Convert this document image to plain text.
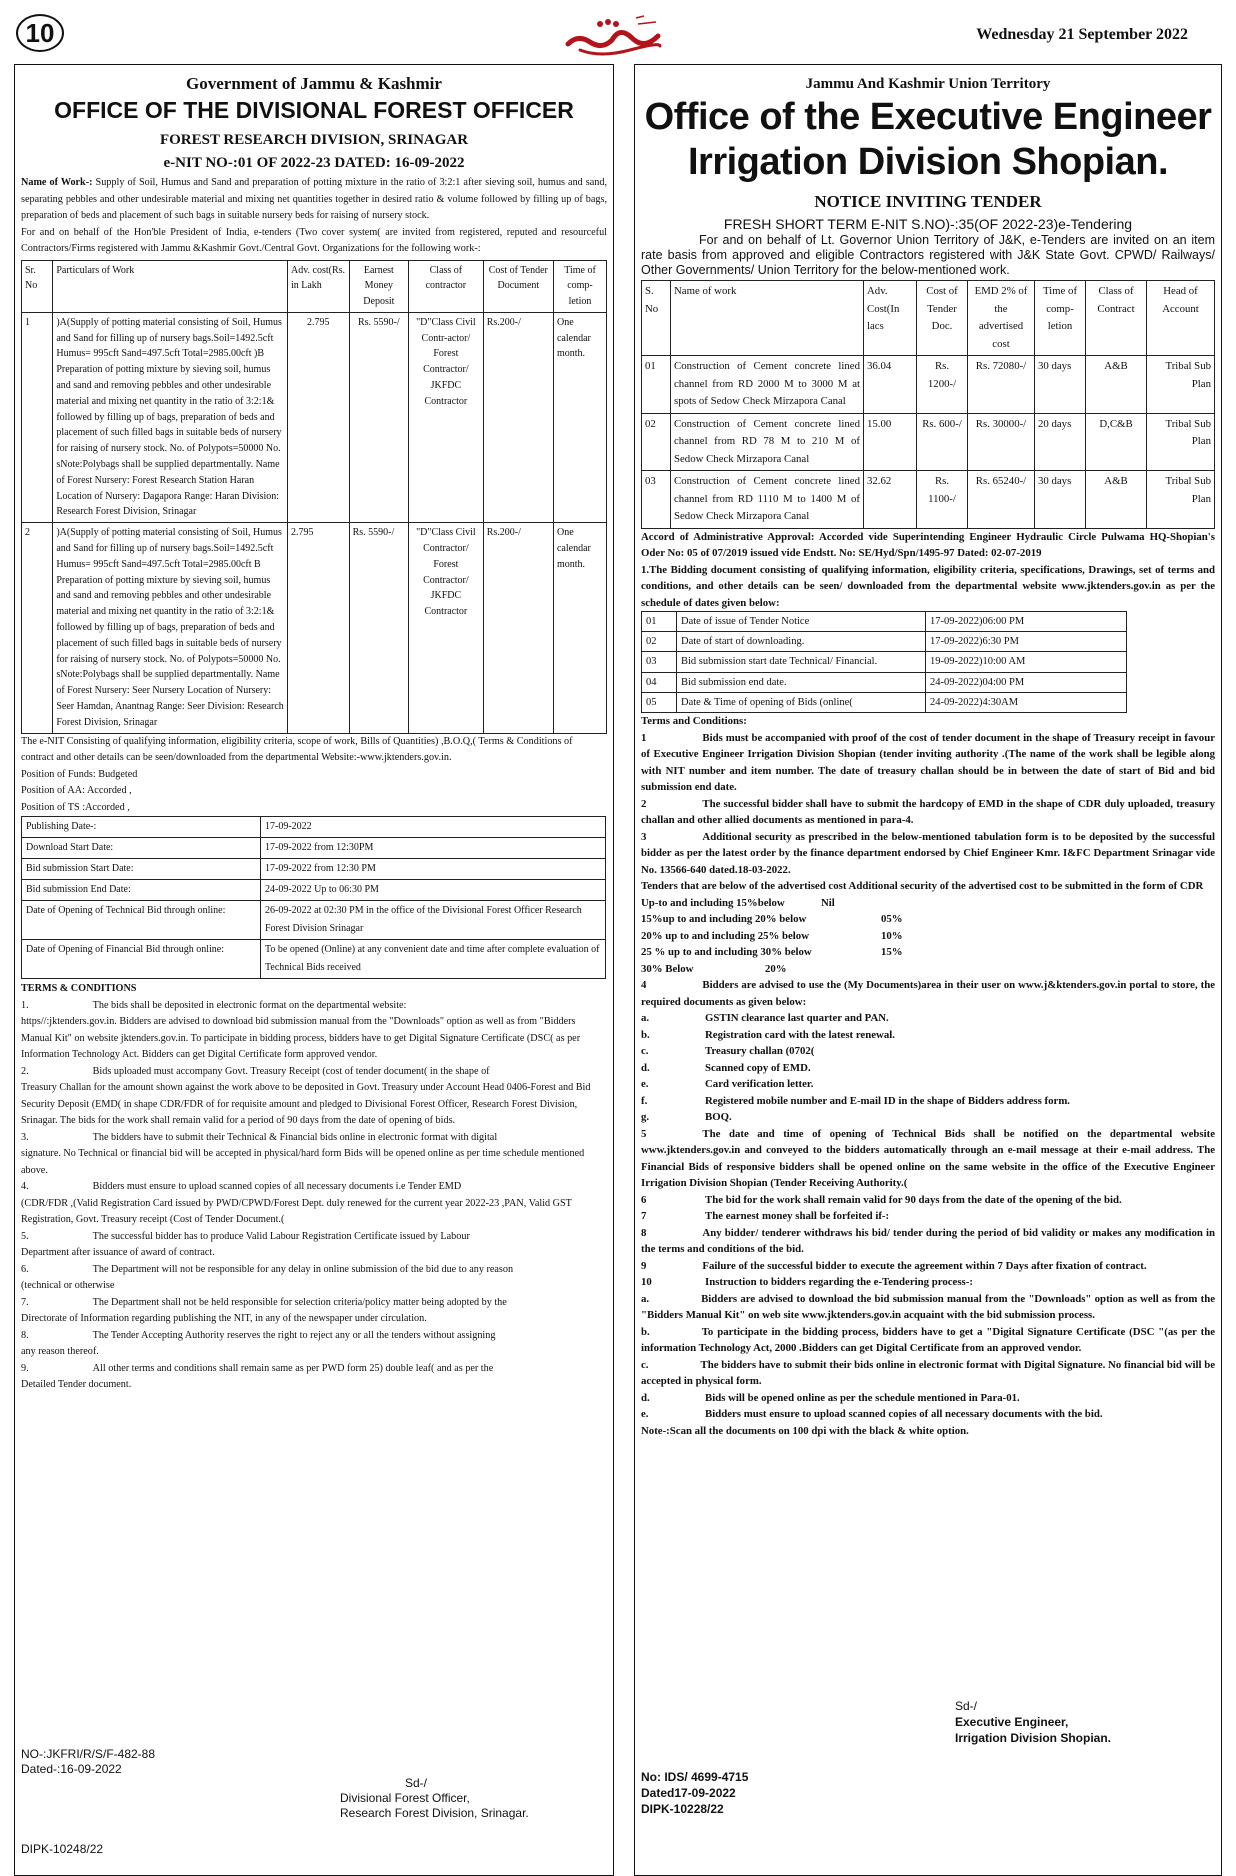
10	Wednesday 21 September 2022
Government of Jammu & Kashmir
OFFICE OF THE DIVISIONAL FOREST OFFICER
FOREST RESEARCH DIVISION, SRINAGAR
e-NIT NO-:01 OF 2022-23 DATED: 16-09-2022
Name of Work-: Supply of Soil, Humus and Sand and preparation of potting mixture in the ratio of 3:2:1 after sieving soil, humus and sand, separating pebbles and other undesirable material and mixing net quantities together in desired ratio & volume followed by filling up of bags, preparation of beds and placement of such bags in suitable nursery beds for raising of nursery stock.
For and on behalf of the Hon'ble President of India, e-tenders (Two cover system( are invited from registered, reputed and resourceful Contractors/Firms registered with Jammu &Kashmir Govt./Central Govt. Organizations for the following work-:
Sr. No	Particulars of Work	Adv. cost(Rs. in Lakh	Earnest Money Deposit	Class of contractor	Cost of Tender Document	Time of comp-letion
1	)A(Supply of potting material consisting of Soil, Humus and Sand for filling up of nursery bags.Soil=1492.5cft Humus= 995cft Sand=497.5cft Total=2985.00cft )B Preparation of potting mixture by sieving soil, humus and sand and removing pebbles and other undesirable material and mixing net quantity in the ratio of 3:2:1& followed by filling up of bags, preparation of beds and placement of such filled bags in suitable beds of nursery for raising of nursery stock. No. of Polypots=50000 No. sNote:Polybags shall be supplied departmentally. Name of Forest Nursery: Forest Research Station Haran Location of Nursery: Dagapora Range: Haran Division: Research Forest Division, Srinagar	2.795	Rs. 5590-/	"D"Class Civil Contr-actor/ Forest Contractor/ JKFDC Contractor	Rs.200-/	One calendar month.
2	)A(Supply of potting material consisting of Soil, Humus and Sand for filling up of nursery bags.Soil=1492.5cft Humus= 995cft Sand=497.5cft Total=2985.00cft B Preparation of potting mixture by sieving soil, humus and sand and removing pebbles and other undesirable material and mixing net quantity in the ratio of 3:2:1& followed by filling up of bags, preparation of beds and placement of such filled bags in suitable beds of nursery for raising of nursery stock. No. of Polypots=50000 No. sNote:Polybags shall be supplied departmentally. Name of Forest Nursery: Seer Nursery Location of Nursery: Seer Hamdan, Anantnag Range: Seer Division: Research Forest Division, Srinagar	2.795	Rs. 5590-/	"D"Class Civil Contractor/ Forest Contractor/ JKFDC Contractor	Rs.200-/	One calendar month.
The e-NIT Consisting of qualifying information, eligibility criteria, scope of work, Bills of Quantities) ,B.O.Q,( Terms & Conditions of contract and other details can be seen/downloaded from the departmental Website:-www.jktenders.gov.in.
Position of Funds: Budgeted
Position of AA: Accorded ,
Position of TS :Accorded ,
Publishing Date-:	17-09-2022
Download Start Date:	17-09-2022 from 12:30PM
Bid submission Start Date:	17-09-2022 from 12:30 PM
Bid submission End Date:	24-09-2022 Up to 06:30 PM
Date of Opening of Technical Bid through online:	26-09-2022 at 02:30 PM in the office of the Divisional Forest Officer Research Forest Division Srinagar
Date of Opening of Financial Bid through online:	To be opened (Online) at any convenient date and time after complete evaluation of Technical Bids received
TERMS & CONDITIONS
1.	The bids shall be deposited in electronic format on the departmental website:
https//:jktenders.gov.in. Bidders are advised to download bid submission manual from the "Downloads" option as well as from "Bidders Manual Kit" on website jktenders.gov.in. To participate in bidding process, bidders have to get Digital Signature Certificate (DSC( as per Information Technology Act. Bidders can get Digital Certificate form approved vendor.
2.	Bids uploaded must accompany Govt. Treasury Receipt (cost of tender document( in the shape of
Treasury Challan for the amount shown against the work above to be deposited in Govt. Treasury under Account Head 0406-Forest and Bid Security Deposit (EMD( in shape CDR/FDR of for requisite amount and pledged to Divisional Forest Officer, Research Forest Division, Srinagar. The bids for the work shall remain valid for a period of 90 days from the date of opening of bids.
3.	The bidders have to submit their Technical & Financial bids online in electronic format with digital
signature. No Technical or financial bid will be accepted in physical/hard form Bids will be opened online as per time schedule mentioned above.
4.	Bidders must ensure to upload scanned copies of all necessary documents i.e Tender EMD
(CDR/FDR ,(Valid Registration Card issued by PWD/CPWD/Forest Dept. duly renewed for the current year 2022-23 ,PAN, Valid GST Registration, Govt. Treasury receipt (Cost of Tender Document.(
5.	The successful bidder has to produce Valid Labour Registration Certificate issued by Labour
Department after issuance of award of contract.
6.	The Department will not be responsible for any delay in online submission of the bid due to any reason
(technical or otherwise
7.	The Department shall not be held responsible for selection criteria/policy matter being adopted by the
Directorate of Information regarding publishing the NIT, in any of the newspaper under circulation.
8.	The Tender Accepting Authority reserves the right to reject any or all the tenders without assigning
any reason thereof.
9.	All other terms and conditions shall remain same as per PWD form 25) double leaf( and as per the
Detailed Tender document.
NO-:JKFRI/R/S/F-482-88
Dated-:16-09-2022
Sd-/
Divisional Forest Officer,
Research Forest Division, Srinagar.
DIPK-10248/22
Jammu And Kashmir Union Territory
Office of the Executive Engineer
Irrigation Division Shopian.
NOTICE INVITING TENDER
FRESH SHORT TERM E-NIT S.NO)-:35(OF 2022-23)e-Tendering
For and on behalf of Lt. Governor Union Territory of J&K, e-Tenders are invited on an item rate basis from approved and eligible Contractors registered with J&K State Govt. CPWD/ Railways/ Other Governments/ Union Territory for the below-mentioned work.
S. No	Name of work	Adv. Cost(In lacs	Cost of Tender Doc.	EMD 2% of the advertised cost	Time of comp-letion	Class of Contract	Head of Account
01	Construction of Cement concrete lined channel from RD 2000 M to 3000 M at spots of Sedow Check Mirzapora Canal	36.04	Rs. 1200-/	Rs. 72080-/	30 days	A&B	Tribal Sub Plan
02	Construction of Cement concrete lined channel from RD 78 M to 210 M of Sedow Check Mirzapora Canal	15.00	Rs. 600-/	Rs. 30000-/	20 days	D,C&B	Tribal Sub Plan
03	Construction of Cement concrete lined channel from RD 1110 M to 1400 M of Sedow Check Mirzapora Canal	32.62	Rs. 1100-/	Rs. 65240-/	30 days	A&B	Tribal Sub Plan
Accord of Administrative Approval: Accorded vide Superintending Engineer Hydraulic Circle Pulwama HQ-Shopian's Oder No: 05 of 07/2019 issued vide Endstt. No: SE/Hyd/Spn/1495-97 Dated: 02-07-2019
1.The Bidding document consisting of qualifying information, eligibility criteria, specifications, Drawings, set of terms and conditions, and other details can be seen/ downloaded from the departmental website www.jktenders.gov.in as per the schedule of dates given below:
01	Date of issue of Tender Notice	17-09-2022)06:00 PM
02	Date of start of downloading.	17-09-2022)6:30 PM
03	Bid submission start date Technical/ Financial.	19-09-2022)10:00 AM
04	Bid submission end date.	24-09-2022)04:00 PM
05	Date & Time of opening of Bids (online(	24-09-2022)4:30AM
Terms and Conditions:
1	Bids must be accompanied with proof of the cost of tender document in the shape of Treasury receipt in favour of Executive Engineer Irrigation Division Shopian (tender inviting authority .(The name of the work shall be legible along with NIT number and item number. The date of treasury challan should be in between the date of start of Bid and bid submission end date.
2	The successful bidder shall have to submit the hardcopy of EMD in the shape of CDR duly uploaded, treasury challan and other allied documents as mentioned in para-4.
3	Additional security as prescribed in the below-mentioned tabulation form is to be deposited by the successful bidder as per the latest order by the finance department endorsed by Chief Engineer Kmr. I&FC Department Srinagar vide No. 13566-640 dated.18-03-2022.
Tenders that are below of the advertised cost Additional security of the advertised cost to be submitted in the form of CDR
Up-to and including 15%below	Nil
15%up to and including 20% below	05%
20% up to and including 25% below	10%
25 % up to and including 30% below	15%
30% Below	20%
4	Bidders are advised to use the (My Documents)area in their user on www.j&ktenders.gov.in portal to store, the required documents as given below:
a.	GSTIN clearance last quarter and PAN.
b.	Registration card with the latest renewal.
c.	Treasury challan (0702(
d.	Scanned copy of EMD.
e.	Card verification letter.
f.	Registered mobile number and E-mail ID in the shape of Bidders address form.
g.	BOQ.
5	The date and time of opening of Technical Bids shall be notified on the departmental website www.jktenders.gov.in and conveyed to the bidders automatically through an e-mail message at their e-mail address. The Financial Bids of responsive bidders shall be opened online on the same website in the office of the Executive Engineer Irrigation Division Shopian (Tender Receiving Authority.(
6	The bid for the work shall remain valid for 90 days from the date of the opening of the bid.
7	The earnest money shall be forfeited if-:
8	Any bidder/ tenderer withdraws his bid/ tender during the period of bid validity or makes any modification in the terms and conditions of the bid.
9	Failure of the successful bidder to execute the agreement within 7 Days after fixation of contract.
10	Instruction to bidders regarding the e-Tendering process-:
a.	Bidders are advised to download the bid submission manual from the "Downloads" option as well as from the "Bidders Manual Kit" on web site www.jktenders.gov.in acquaint with the bid submission process.
b.	To participate in the bidding process, bidders have to get a "Digital Signature Certificate (DSC "(as per the information Technology Act, 2000 .Bidders can get Digital Certificate from an approved vendor.
c.	The bidders have to submit their bids online in electronic format with Digital Signature. No financial bid will be accepted in physical form.
d.	Bids will be opened online as per the schedule mentioned in Para-01.
e.	Bidders must ensure to upload scanned copies of all necessary documents with the bid.
Note-:Scan all the documents on 100 dpi with the black & white option.
Sd-/
Executive Engineer,
Irrigation Division Shopian.
No: IDS/ 4699-4715
Dated17-09-2022
DIPK-10228/22
